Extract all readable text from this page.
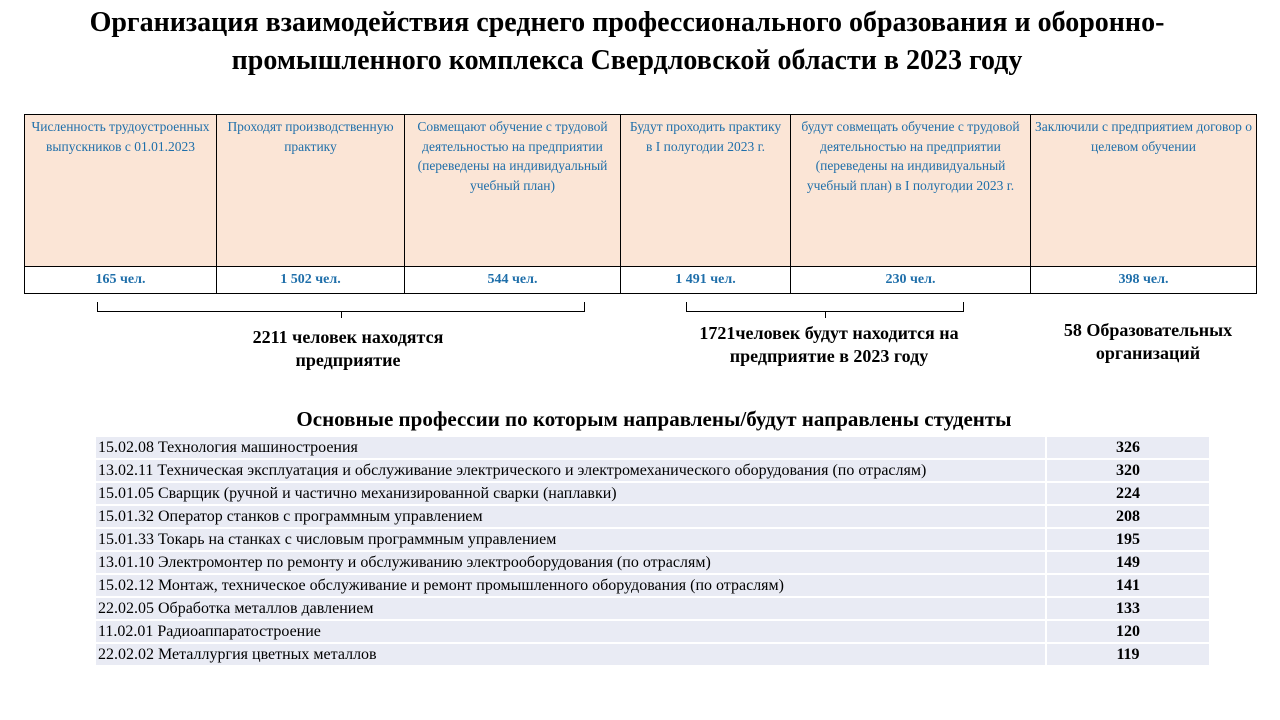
Организация взаимодействия среднего профессионального образования и оборонно-промышленного комплекса Свердловской области в 2023 году
Численность трудоустроенных выпускников с 01.01.2023	Проходят производственную практику	Совмещают обучение с трудовой деятельностью на предприятии (переведены на индивидуальный учебный план)	Будут проходить практику в I полугодии 2023 г.	будут совмещать обучение с трудовой деятельностью на предприятии (переведены на индивидуальный учебный план) в I полугодии 2023 г.	Заключили с предприятием договор о целевом обучении
165 чел.	1 502 чел.	544 чел.	1 491 чел.	230 чел.	398 чел.
2211 человек находятся предприятие
1721человек будут находится на предприятие в 2023 году
58 Образовательных организаций
Основные профессии по которым направлены/будут направлены студенты
15.02.08 Технология машиностроения	326
13.02.11 Техническая эксплуатация и обслуживание электрического и электромеханического оборудования (по отраслям)	320
15.01.05 Сварщик (ручной и частично механизированной сварки (наплавки)	224
15.01.32 Оператор станков с программным управлением	208
15.01.33 Токарь на станках с числовым программным управлением	195
13.01.10 Электромонтер по ремонту и обслуживанию электрооборудования (по отраслям)	149
15.02.12 Монтаж, техническое обслуживание и ремонт промышленного оборудования (по отраслям)	141
22.02.05 Обработка металлов давлением	133
11.02.01 Радиоаппаратостроение	120
22.02.02 Металлургия цветных металлов	119
